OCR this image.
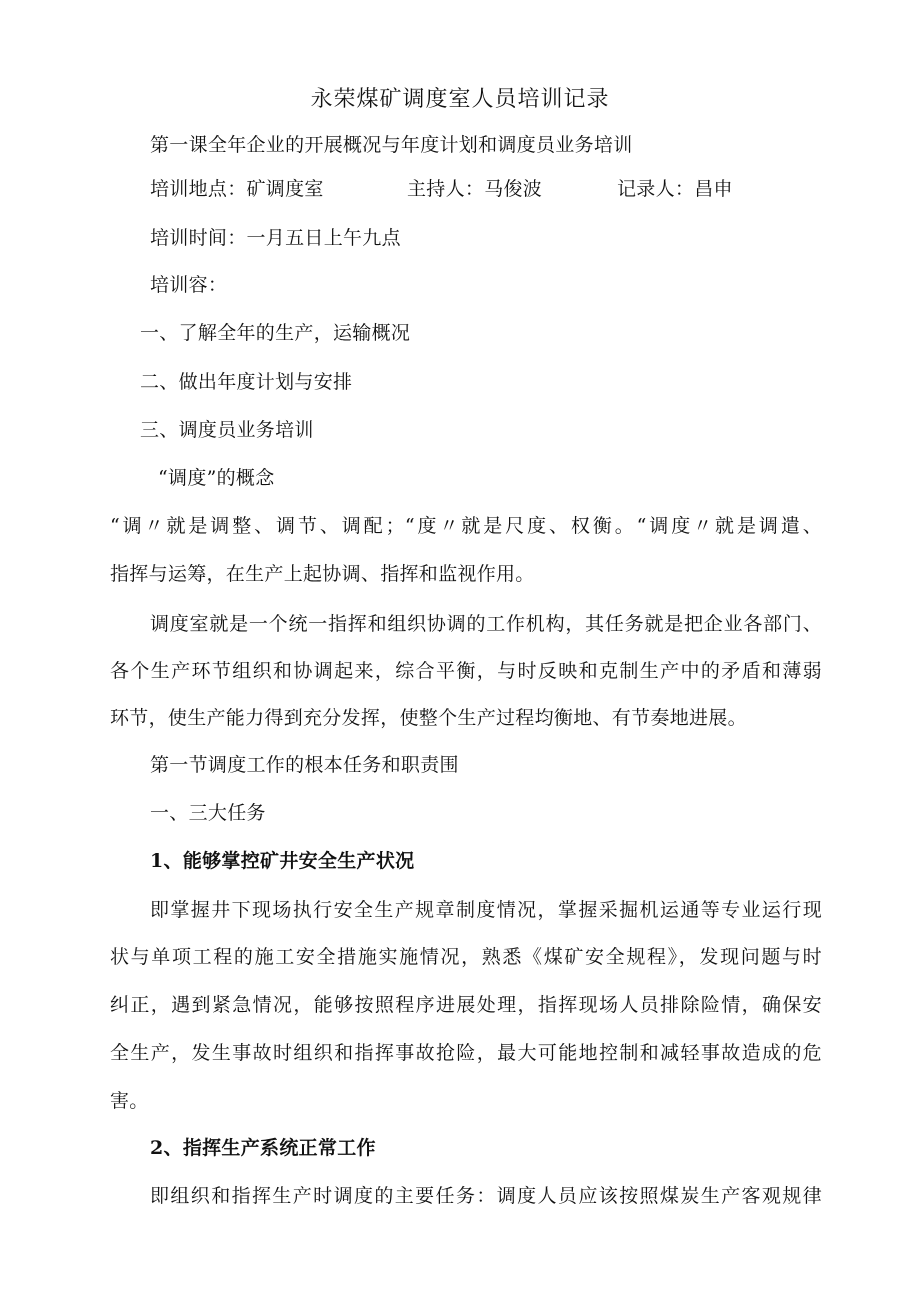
永荣煤矿调度室人员培训记录
第一课全年企业的开展概况与年度计划和调度员业务培训
培训地点：矿调度室	主持人：马俊波	记录人：昌申
培训时间：一月五日上午九点
培训容：
一、了解全年的生产，运输概况
二、做出年度计划与安排
三、调度员业务培训
“调度”的概念
“调〃就是调整、调节、调配；“度〃就是尺度、权衡。“调度〃就是调遣、
指挥与运筹，在生产上起协调、指挥和监视作用。
调度室就是一个统一指挥和组织协调的工作机构，其任务就是把企业各部门、
各个生产环节组织和协调起来，综合平衡，与时反映和克制生产中的矛盾和薄弱
环节，使生产能力得到充分发挥，使整个生产过程均衡地、有节奏地进展。
第一节调度工作的根本任务和职责围
一、三大任务
1、能够掌控矿井安全生产状况
即掌握井下现场执行安全生产规章制度情况，掌握采掘机运通等专业运行现
状与单项工程的施工安全措施实施情况，熟悉《煤矿安全规程》，发现问题与时
纠正，遇到紧急情况，能够按照程序进展处理，指挥现场人员排除险情，确保安
全生产，发生事故时组织和指挥事故抢险，最大可能地控制和减轻事故造成的危
害。
2、指挥生产系统正常工作
即组织和指挥生产时调度的主要任务：调度人员应该按照煤炭生产客观规律
